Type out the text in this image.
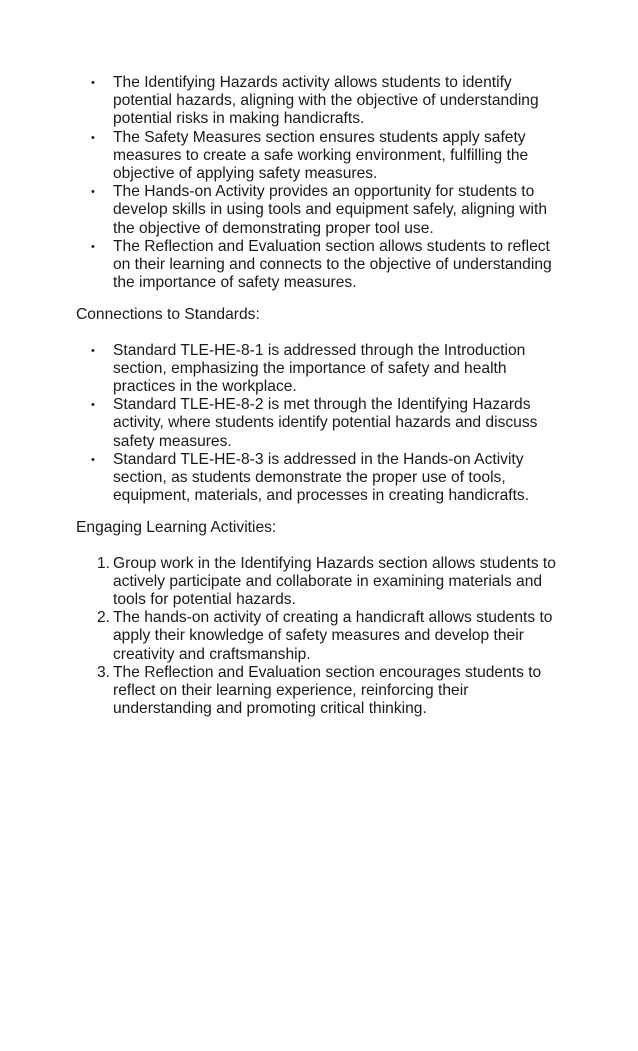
• The Identifying Hazards activity allows students to identify potential hazards, aligning with the objective of understanding potential risks in making handicrafts.
• The Safety Measures section ensures students apply safety measures to create a safe working environment, fulfilling the objective of applying safety measures.
• The Hands-on Activity provides an opportunity for students to develop skills in using tools and equipment safely, aligning with the objective of demonstrating proper tool use.
• The Reflection and Evaluation section allows students to reflect on their learning and connects to the objective of understanding the importance of safety measures.

Connections to Standards:

• Standard TLE-HE-8-1 is addressed through the Introduction section, emphasizing the importance of safety and health practices in the workplace.
• Standard TLE-HE-8-2 is met through the Identifying Hazards activity, where students identify potential hazards and discuss safety measures.
• Standard TLE-HE-8-3 is addressed in the Hands-on Activity section, as students demonstrate the proper use of tools, equipment, materials, and processes in creating handicrafts.

Engaging Learning Activities:

1. Group work in the Identifying Hazards section allows students to actively participate and collaborate in examining materials and tools for potential hazards.
2. The hands-on activity of creating a handicraft allows students to apply their knowledge of safety measures and develop their creativity and craftsmanship.
3. The Reflection and Evaluation section encourages students to reflect on their learning experience, reinforcing their understanding and promoting critical thinking.
